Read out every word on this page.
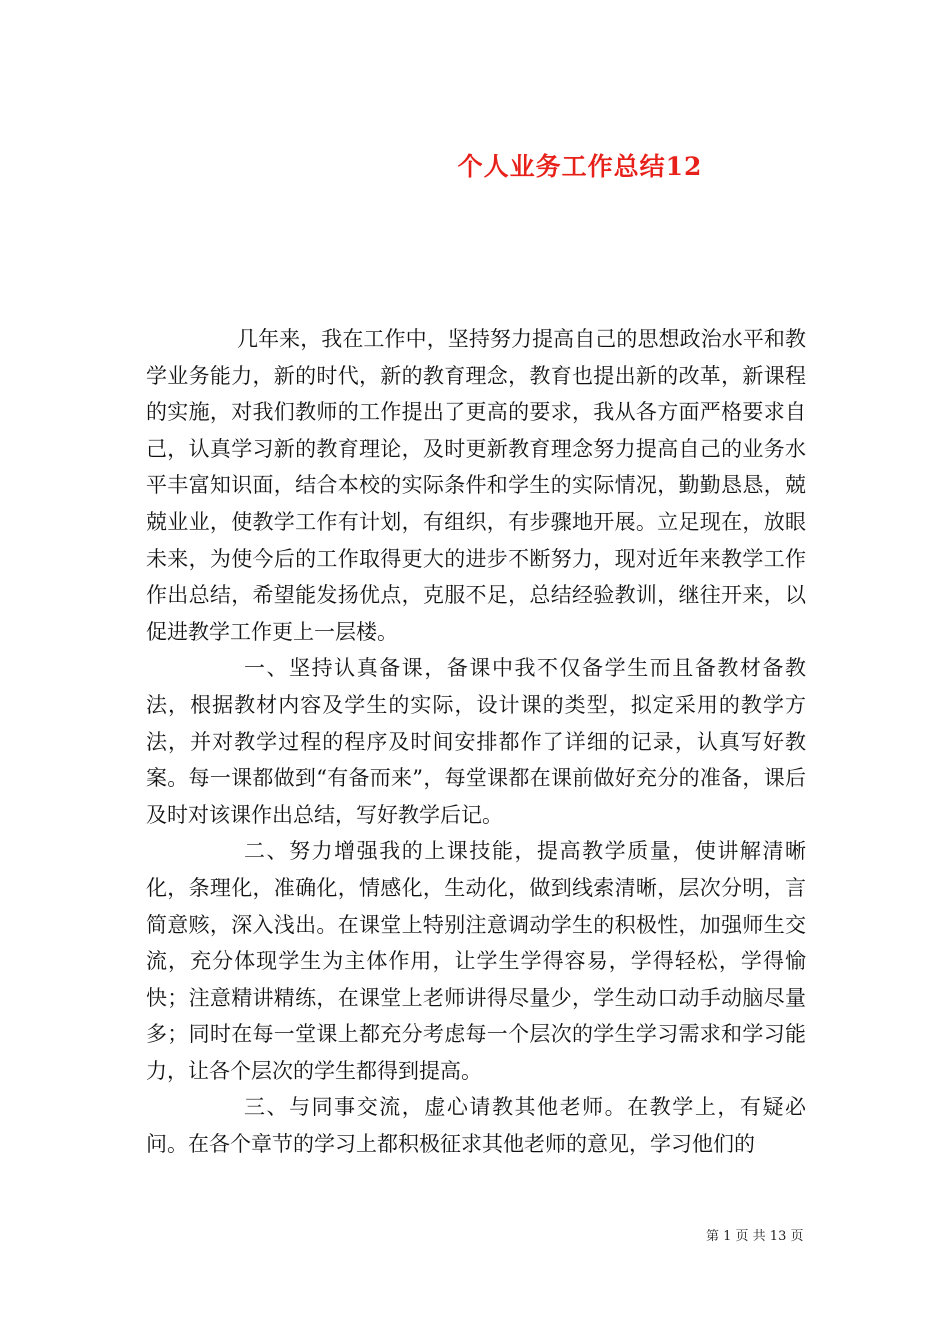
个人业务工作总结12

几年来，我在工作中，坚持努力提高自己的思想政治水平和教学业务能力，新的时代，新的教育理念，教育也提出新的改革，新课程的实施，对我们教师的工作提出了更高的要求，我从各方面严格要求自己，认真学习新的教育理论，及时更新教育理念努力提高自己的业务水平丰富知识面，结合本校的实际条件和学生的实际情况，勤勤恳恳，兢兢业业，使教学工作有计划，有组织，有步骤地开展。立足现在，放眼未来，为使今后的工作取得更大的进步不断努力，现对近年来教学工作作出总结，希望能发扬优点，克服不足，总结经验教训，继往开来，以促进教学工作更上一层楼。

一、坚持认真备课，备课中我不仅备学生而且备教材备教法，根据教材内容及学生的实际，设计课的类型，拟定采用的教学方法，并对教学过程的程序及时间安排都作了详细的记录，认真写好教案。每一课都做到“有备而来”，每堂课都在课前做好充分的准备，课后及时对该课作出总结，写好教学后记。

二、努力增强我的上课技能，提高教学质量，使讲解清晰化，条理化，准确化，情感化，生动化，做到线索清晰，层次分明，言简意赅，深入浅出。在课堂上特别注意调动学生的积极性，加强师生交流，充分体现学生为主体作用，让学生学得容易，学得轻松，学得愉快；注意精讲精练，在课堂上老师讲得尽量少，学生动口动手动脑尽量多；同时在每一堂课上都充分考虑每一个层次的学生学习需求和学习能力，让各个层次的学生都得到提高。

三、与同事交流，虚心请教其他老师。在教学上，有疑必问。在各个章节的学习上都积极征求其他老师的意见，学习他们的

第 1 页 共 13 页
